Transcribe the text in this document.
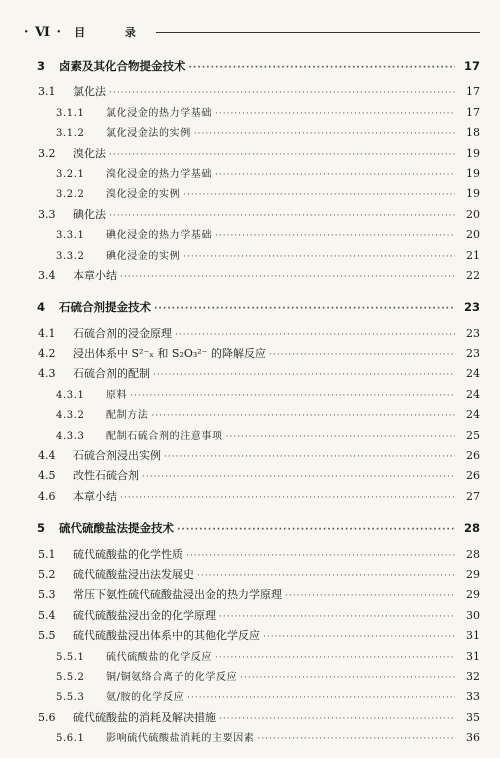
· Ⅵ · 目 录
3	卤素及其化合物提金技术 ·····	17
3.1	氯化法 ·····	17
3.1.1	氯化浸金的热力学基础 ·····	17
3.1.2	氯化浸金法的实例 ·····	18
3.2	溴化法 ·····	19
3.2.1	溴化浸金的热力学基础 ·····	19
3.2.2	溴化浸金的实例 ·····	19
3.3	碘化法 ·····	20
3.3.1	碘化浸金的热力学基础 ·····	20
3.3.2	碘化浸金的实例 ·····	21
3.4	本章小结 ·····	22
4	石硫合剂提金技术 ·····	23
4.1	石硫合剂的浸金原理 ·····	23
4.2	浸出体系中 S²⁻ₓ 和 S₂O₃²⁻ 的降解反应 ·····	23
4.3	石硫合剂的配制 ·····	24
4.3.1	原料 ·····	24
4.3.2	配制方法 ·····	24
4.3.3	配制石硫合剂的注意事项 ·····	25
4.4	石硫合剂浸出实例 ·····	26
4.5	改性石硫合剂 ·····	26
4.6	本章小结 ·····	27
5	硫代硫酸盐法提金技术 ·····	28
5.1	硫代硫酸盐的化学性质 ·····	28
5.2	硫代硫酸盐浸出法发展史 ·····	29
5.3	常压下氨性硫代硫酸盐浸出金的热力学原理 ·····	29
5.4	硫代硫酸盐浸出金的化学原理 ·····	30
5.5	硫代硫酸盐浸出体系中的其他化学反应 ·····	31
5.5.1	硫代硫酸盐的化学反应 ·····	31
5.5.2	铜/铜氨络合离子的化学反应 ·····	32
5.5.3	氨/胺的化学反应 ·····	33
5.6	硫代硫酸盐的消耗及解决措施 ·····	35
5.6.1	影响硫代硫酸盐消耗的主要因素 ·····	36
